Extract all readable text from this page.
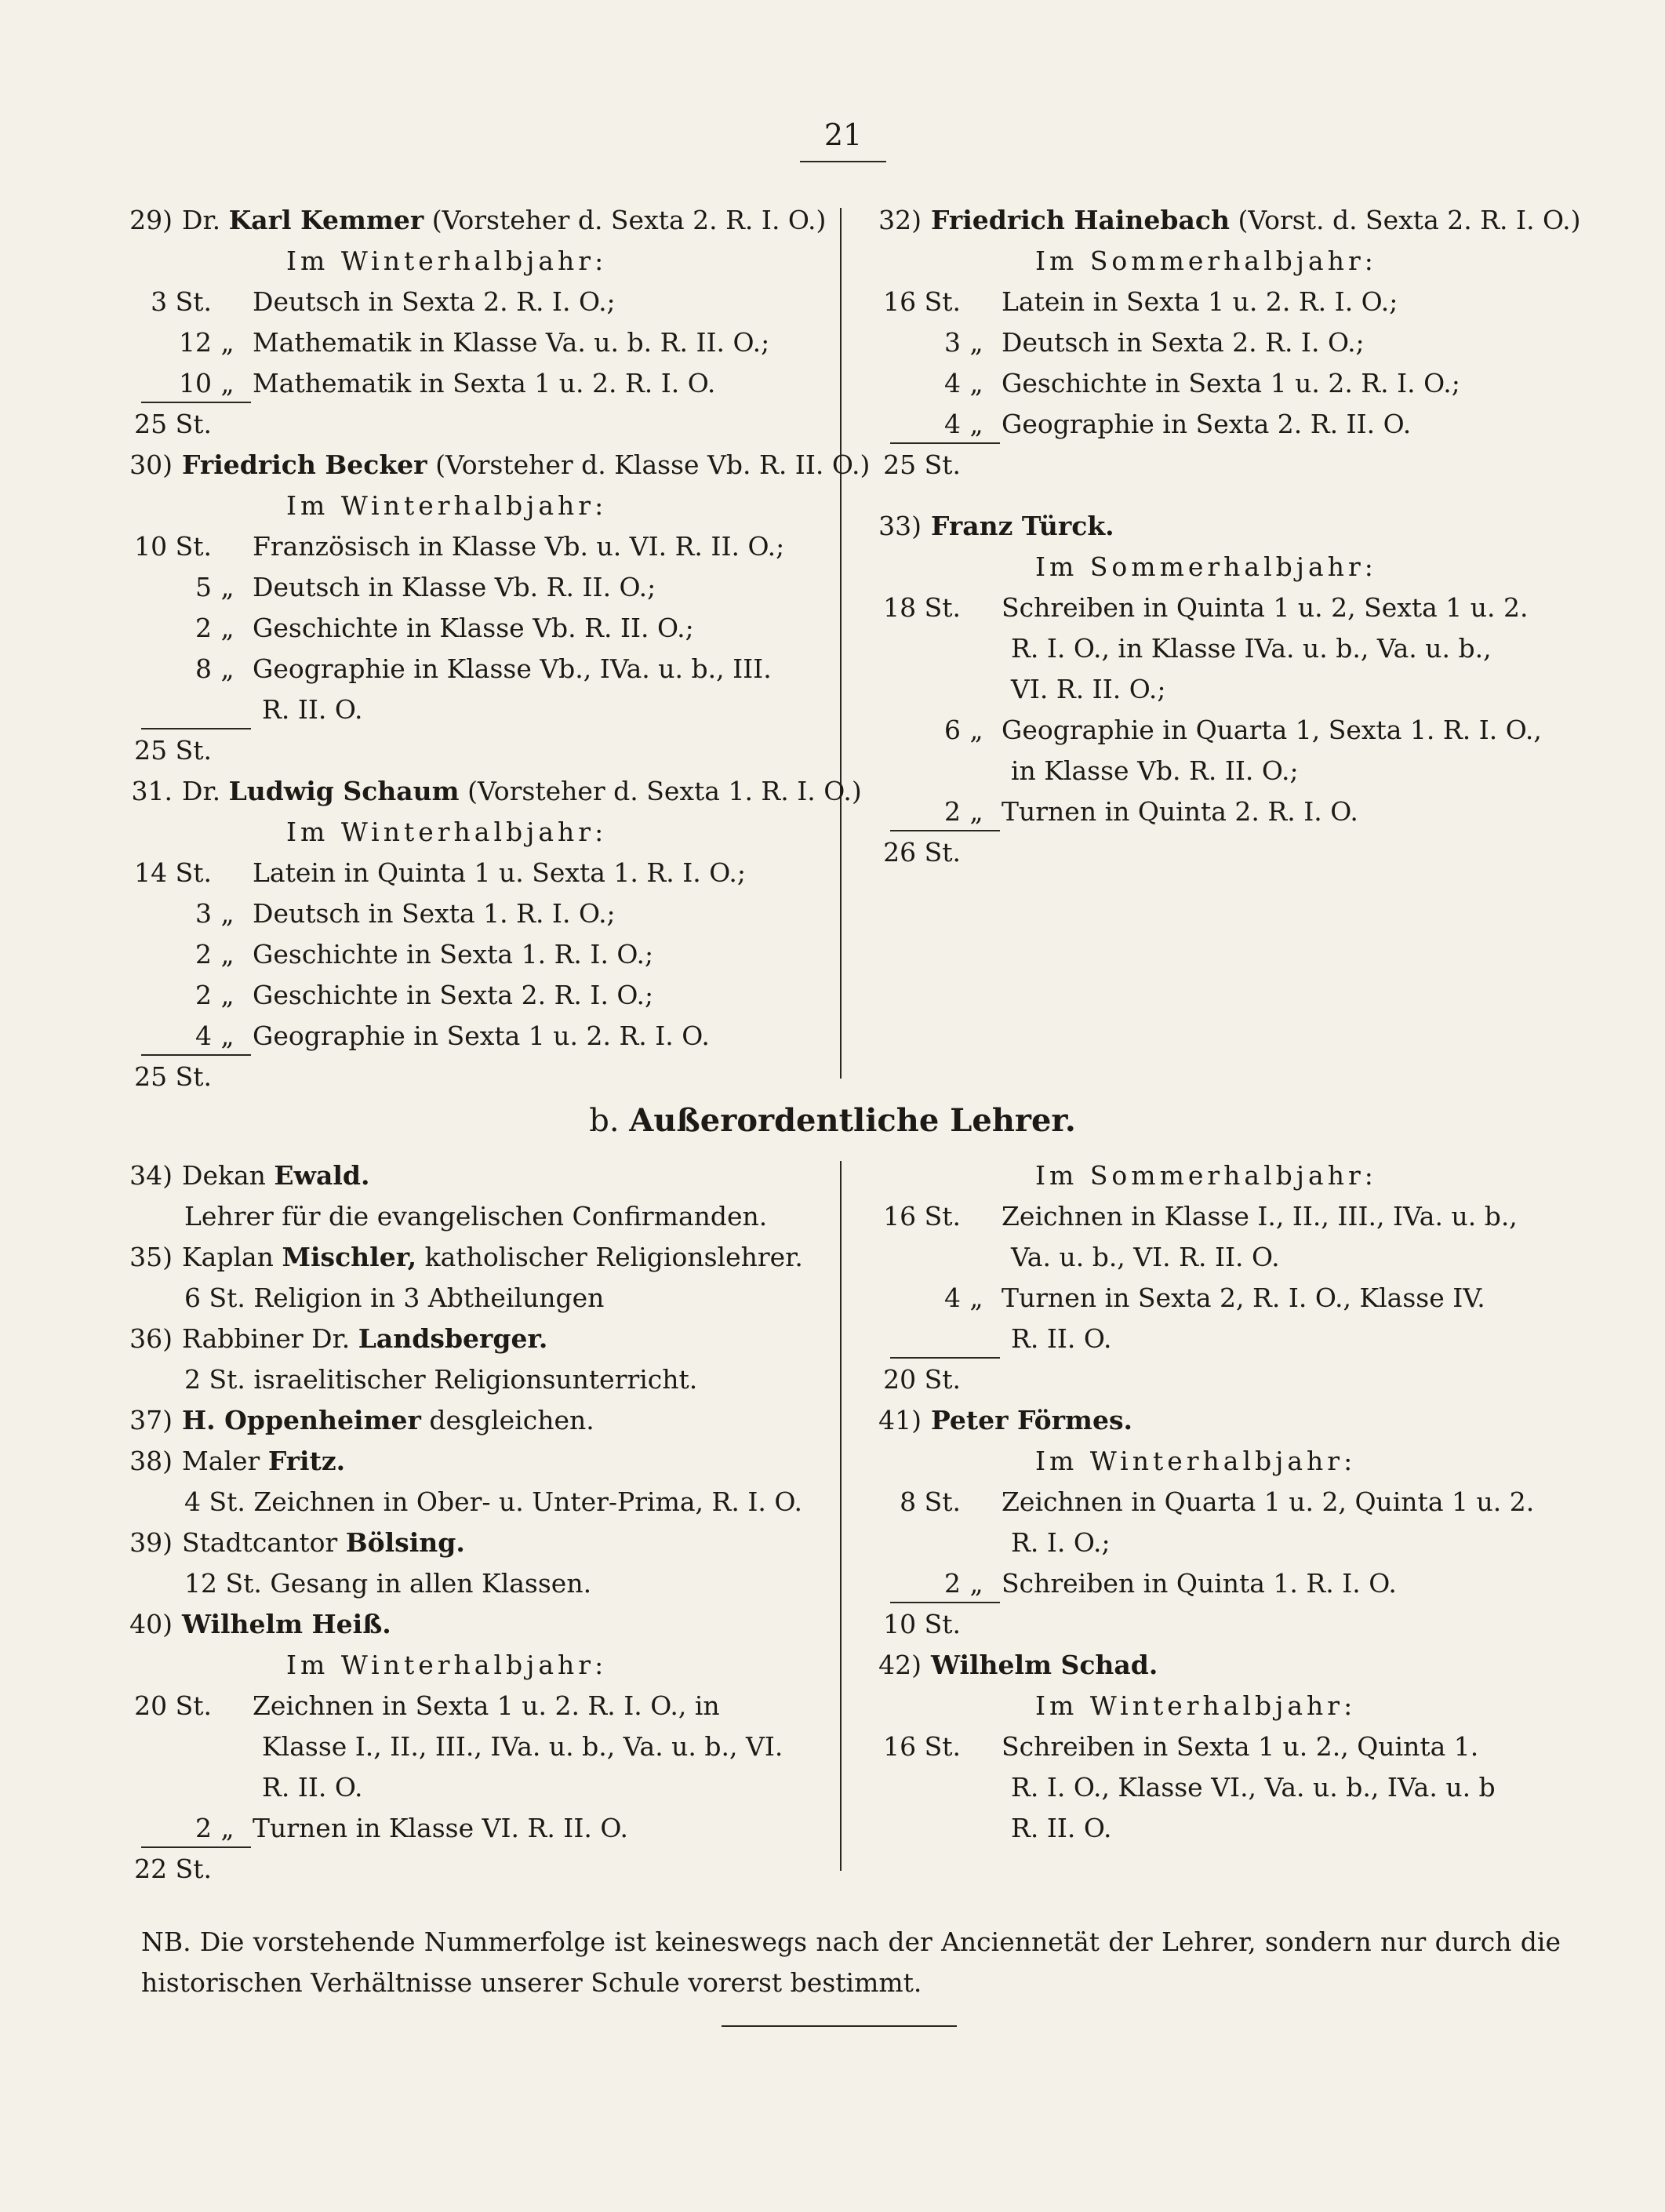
21
29) Dr. Karl Kemmer (Vorsteher d. Sexta 2. R. I. O.)
Im Winterhalbjahr:
3 St. Deutsch in Sexta 2. R. I. O.;
12 „ Mathematik in Klasse Va. u. b. R. II. O.;
10 „ Mathematik in Sexta 1 u. 2. R. I. O.
25 St.
30) Friedrich Becker (Vorsteher d. Klasse Vb. R. II. O.)
Im Winterhalbjahr:
10 St. Französisch in Klasse Vb. u. VI. R. II. O.;
5 „ Deutsch in Klasse Vb. R. II. O.;
2 „ Geschichte in Klasse Vb. R. II. O.;
8 „ Geographie in Klasse Vb., IVa. u. b., III.
R. II. O.
25 St.
31. Dr. Ludwig Schaum (Vorsteher d. Sexta 1. R. I. O.)
Im Winterhalbjahr:
14 St. Latein in Quinta 1 u. Sexta 1. R. I. O.;
3 „ Deutsch in Sexta 1. R. I. O.;
2 „ Geschichte in Sexta 1. R. I. O.;
2 „ Geschichte in Sexta 2. R. I. O.;
4 „ Geographie in Sexta 1 u. 2. R. I. O.
25 St.
32) Friedrich Hainebach (Vorst. d. Sexta 2. R. I. O.)
Im Sommerhalbjahr:
16 St. Latein in Sexta 1 u. 2. R. I. O.;
3 „ Deutsch in Sexta 2. R. I. O.;
4 „ Geschichte in Sexta 1 u. 2. R. I. O.;
4 „ Geographie in Sexta 2. R. II. O.
25 St.
33) Franz Türck.
Im Sommerhalbjahr:
18 St. Schreiben in Quinta 1 u. 2, Sexta 1 u. 2.
R. I. O., in Klasse IVa. u. b., Va. u. b.,
VI. R. II. O.;
6 „ Geographie in Quarta 1, Sexta 1. R. I. O.,
in Klasse Vb. R. II. O.;
2 „ Turnen in Quinta 2. R. I. O.
26 St.
b. Außerordentliche Lehrer.
34) Dekan Ewald.
Lehrer für die evangelischen Confirmanden.
35) Kaplan Mischler, katholischer Religionslehrer.
6 St. Religion in 3 Abtheilungen
36) Rabbiner Dr. Landsberger.
2 St. israelitischer Religionsunterricht.
37) H. Oppenheimer desgleichen.
38) Maler Fritz.
4 St. Zeichnen in Ober- u. Unter-Prima, R. I. O.
39) Stadtcantor Bölsing.
12 St. Gesang in allen Klassen.
40) Wilhelm Heiß.
Im Winterhalbjahr:
20 St. Zeichnen in Sexta 1 u. 2. R. I. O., in
Klasse I., II., III., IVa. u. b., Va. u. b., VI.
R. II. O.
2 „ Turnen in Klasse VI. R. II. O.
22 St.
Im Sommerhalbjahr:
16 St. Zeichnen in Klasse I., II., III., IVa. u. b.,
Va. u. b., VI. R. II. O.
4 „ Turnen in Sexta 2, R. I. O., Klasse IV.
R. II. O.
20 St.
41) Peter Förmes.
Im Winterhalbjahr:
8 St. Zeichnen in Quarta 1 u. 2, Quinta 1 u. 2.
R. I. O.;
2 „ Schreiben in Quinta 1. R. I. O.
10 St.
42) Wilhelm Schad.
Im Winterhalbjahr:
16 St. Schreiben in Sexta 1 u. 2., Quinta 1.
R. I. O., Klasse VI., Va. u. b., IVa. u. b
R. II. O.
NB. Die vorstehende Nummerfolge ist keineswegs nach der Anciennetät der Lehrer, sondern nur durch die historischen Verhältnisse unserer Schule vorerst bestimmt.
